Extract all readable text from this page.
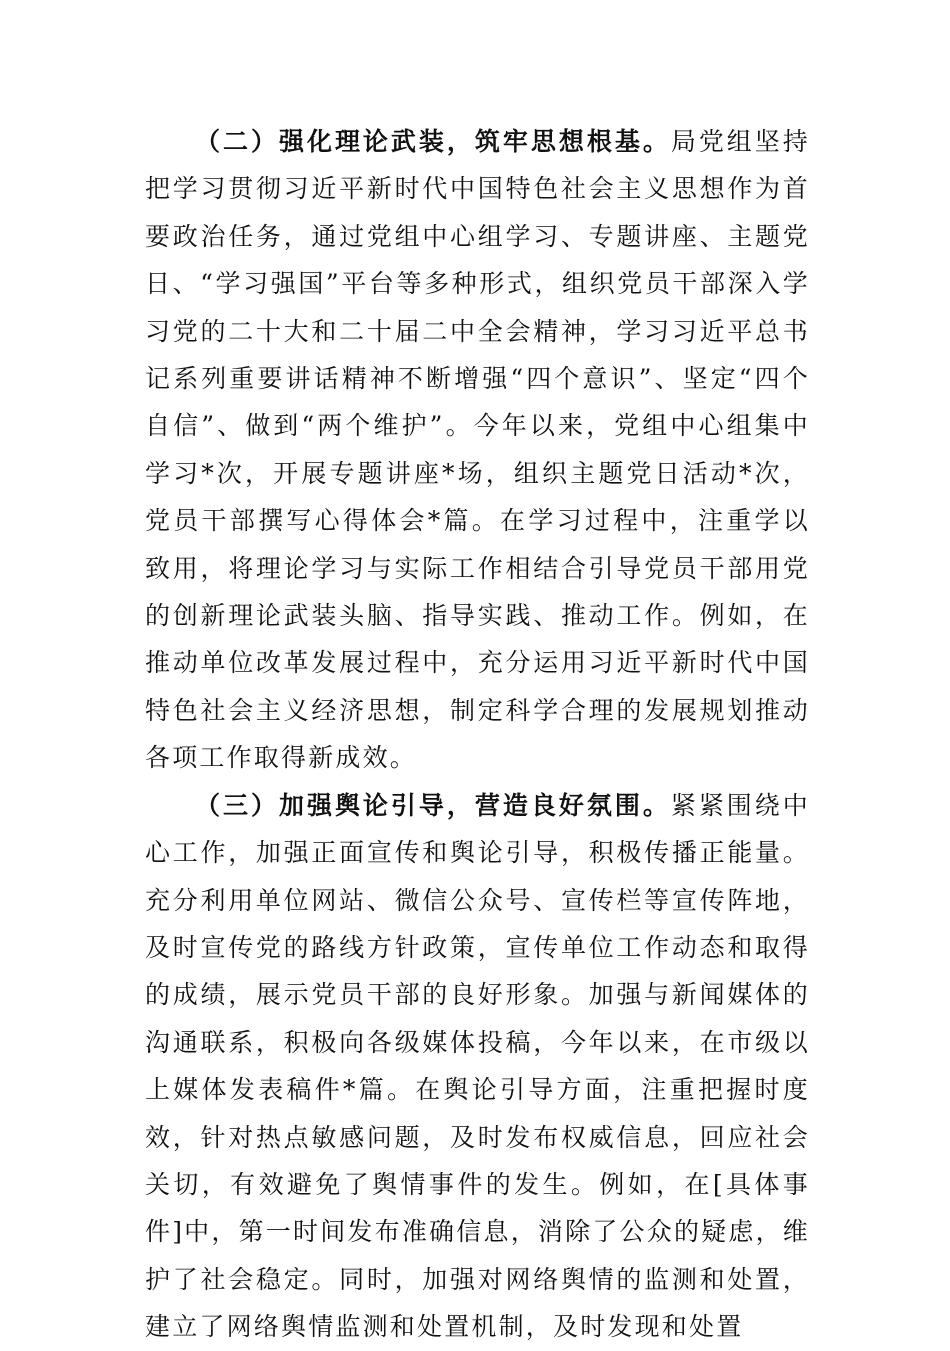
（二）强化理论武装，筑牢思想根基。局党组坚持把学习贯彻习近平新时代中国特色社会主义思想作为首要政治任务，通过党组中心组学习、专题讲座、主题党日、“学习强国”平台等多种形式，组织党员干部深入学习党的二十大和二十届二中全会精神，学习习近平总书记系列重要讲话精神不断增强“四个意识”、坚定“四个自信”、做到“两个维护”。今年以来，党组中心组集中学习*次，开展专题讲座*场，组织主题党日活动*次，党员干部撰写心得体会*篇。在学习过程中，注重学以致用，将理论学习与实际工作相结合引导党员干部用党的创新理论武装头脑、指导实践、推动工作。例如，在推动单位改革发展过程中，充分运用习近平新时代中国特色社会主义经济思想，制定科学合理的发展规划推动各项工作取得新成效。

（三）加强舆论引导，营造良好氛围。紧紧围绕中心工作，加强正面宣传和舆论引导，积极传播正能量。充分利用单位网站、微信公众号、宣传栏等宣传阵地，及时宣传党的路线方针政策，宣传单位工作动态和取得的成绩，展示党员干部的良好形象。加强与新闻媒体的沟通联系，积极向各级媒体投稿，今年以来，在市级以上媒体发表稿件*篇。在舆论引导方面，注重把握时度效，针对热点敏感问题，及时发布权威信息，回应社会关切，有效避免了舆情事件的发生。例如，在[具体事件]中，第一时间发布准确信息，消除了公众的疑虑，维护了社会稳定。同时，加强对网络舆情的监测和处置，建立了网络舆情监测和处置机制，及时发现和处置
